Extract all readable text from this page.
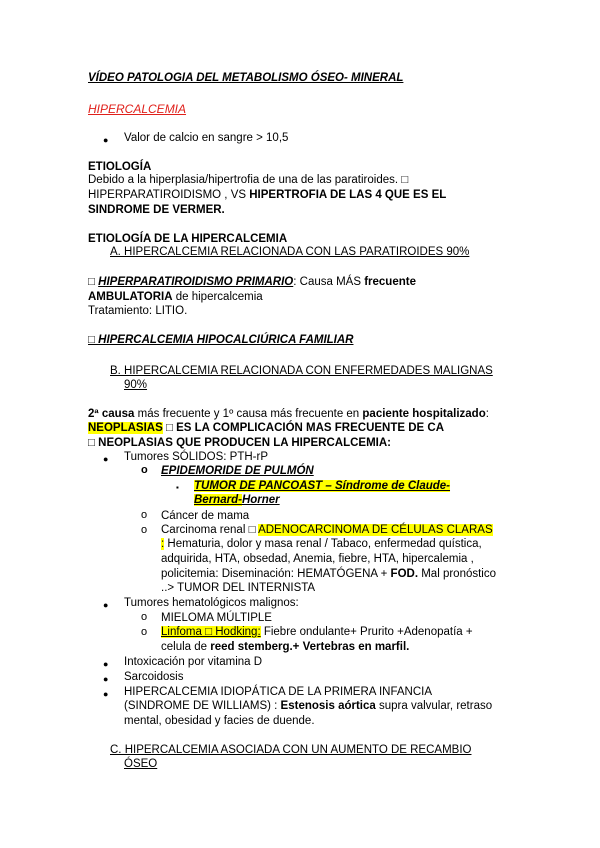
VÍDEO PATOLOGIA DEL METABOLISMO ÓSEO- MINERAL
HIPERCALCEMIA
● Valor de calcio en sangre > 10,5
ETIOLOGÍA
Debido a la hiperplasia/hipertrofia de una de las paratiroides. □
HIPERPARATIROIDISMO , VS HIPERTROFIA DE LAS 4 QUE ES EL
SINDROME DE VERMER.
ETIOLOGÍA DE LA HIPERCALCEMIA
A. HIPERCALCEMIA RELACIONADA CON LAS PARATIROIDES 90%
□ HIPERPARATIROIDISMO PRIMARIO: Causa MÁS frecuente
AMBULATORIA de hipercalcemia
Tratamiento: LITIO.
□ HIPERCALCEMIA HIPOCALCIÚRICA FAMILIAR
B. HIPERCALCEMIA RELACIONADA CON ENFERMEDADES MALIGNAS
90%
2ª causa más frecuente y 1º causa más frecuente en paciente hospitalizado:
NEOPLASIAS □ ES LA COMPLICACIÓN MAS FRECUENTE DE CA
□ NEOPLASIAS QUE PRODUCEN LA HIPERCALCEMIA:
● Tumores SÓLIDOS: PTH-rP
o EPIDEMORIDE DE PULMÓN
▪ TUMOR DE PANCOAST – Síndrome de Claude-
Bernard-Horner
o Cáncer de mama
o Carcinoma renal □ ADENOCARCINOMA DE CÉLULAS CLARAS
: Hematuria, dolor y masa renal / Tabaco, enfermedad quística,
adquirida, HTA, obsedad, Anemia, fiebre, HTA, hipercalemia ,
policitemia: Diseminación: HEMATÓGENA + FOD. Mal pronóstico
..> TUMOR DEL INTERNISTA
● Tumores hematológicos malignos:
o MIELOMA MÚLTIPLE
o Linfoma □ Hodking: Fiebre ondulante+ Prurito +Adenopatía +
celula de reed stemberg.+ Vertebras en marfil.
● Intoxicación por vitamina D
● Sarcoidosis
● HIPERCALCEMIA IDIOPÁTICA DE LA PRIMERA INFANCIA
(SINDROME DE WILLIAMS) : Estenosis aórtica supra valvular, retraso
mental, obesidad y facies de duende.
C. HIPERCALCEMIA ASOCIADA CON UN AUMENTO DE RECAMBIO
ÓSEO
